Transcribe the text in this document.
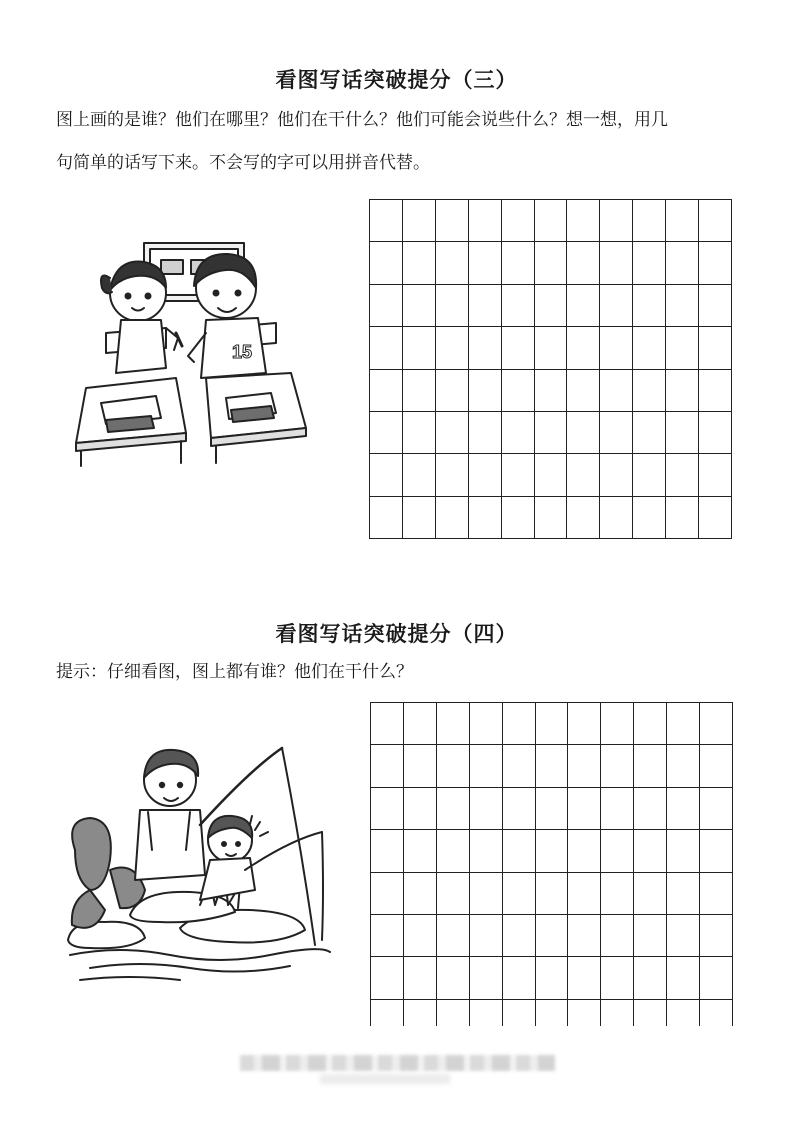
看图写话突破提分（三）
图上画的是谁？他们在哪里？他们在干什么？他们可能会说些什么？想一想，用几
句简单的话写下来。不会写的字可以用拼音代替。
15
看图写话突破提分（四）
提示：仔细看图，图上都有谁？他们在干什么？
